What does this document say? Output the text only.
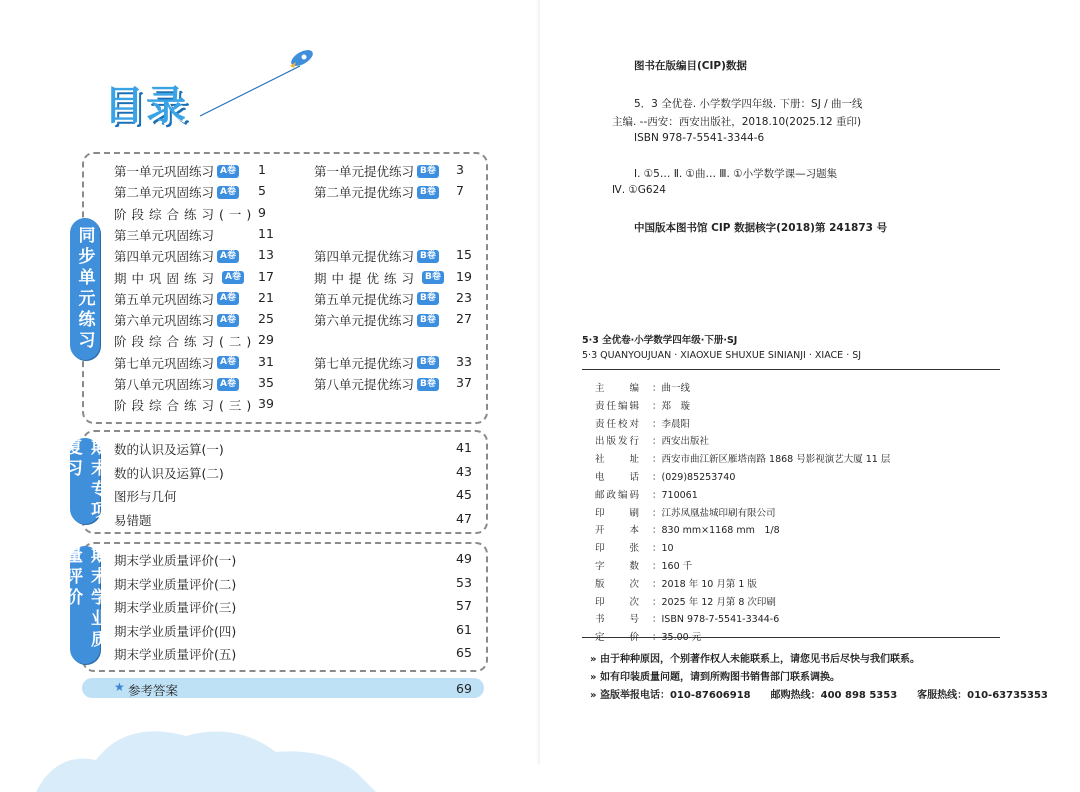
目录
同步单元练习
期末专项复习
期末学业质量评价
第一单元巩固练习 A卷 1	第一单元提优练习 B卷 3
第二单元巩固练习 A卷 5	第二单元提优练习 B卷 7
阶段综合练习(一) 9
第三单元巩固练习	11
第四单元巩固练习 A卷 13	第四单元提优练习 B卷 15
期中巩固练习 A卷 17	期中提优练习 B卷 19
第五单元巩固练习 A卷 21	第五单元提优练习 B卷 23
第六单元巩固练习 A卷 25	第六单元提优练习 B卷 27
阶段综合练习(二) 29
第七单元巩固练习 A卷 31	第七单元提优练习 B卷 33
第八单元巩固练习 A卷 35	第八单元提优练习 B卷 37
阶段综合练习(三) 39
数的认识及运算(一)	41
数的认识及运算(二)	43
图形与几何	45
易错题	47
期末学业质量评价(一)	49
期末学业质量评价(二)	53
期末学业质量评价(三)	57
期末学业质量评价(四)	61
期末学业质量评价(五)	65
★ 参考答案	69
图书在版编目(CIP)数据
5．3 全优卷. 小学数学四年级. 下册：SJ / 曲一线
主编. --西安：西安出版社，2018.10(2025.12 重印)
ISBN 978-7-5541-3344-6
Ⅰ. ①5… Ⅱ. ①曲… Ⅲ. ①小学数学课—习题集
Ⅳ. ①G624
中国版本图书馆 CIP 数据核字(2018)第 241873 号
5·3 全优卷·小学数学四年级·下册·SJ
5·3 QUANYOUJUAN · XIAOXUE SHUXUE SINIANJI · XIACE · SJ
主　　编 ：曲一线
责任编辑 ：郑　璇
责任校对 ：李晨阳
出版发行 ：西安出版社
社　　址 ：西安市曲江新区雁塔南路 1868 号影视演艺大厦 11 层
电　　话 ：(029)85253740
邮政编码 ：710061
印　　刷 ：江苏凤凰盐城印刷有限公司
开　　本 ：830 mm×1168 mm　1/8
印　　张 ：10
字　　数 ：160 千
版　　次 ：2018 年 10 月第 1 版
印　　次 ：2025 年 12 月第 8 次印刷
书　　号 ：ISBN 978-7-5541-3344-6
» 由于种种原因，个别著作权人未能联系上，请您见书后尽快与我们联系。
» 如有印装质量问题，请到所购图书销售部门联系调换。
» 盗版举报电话：010-87606918　　邮购热线：400 898 5353　　客服热线：010-63735353
